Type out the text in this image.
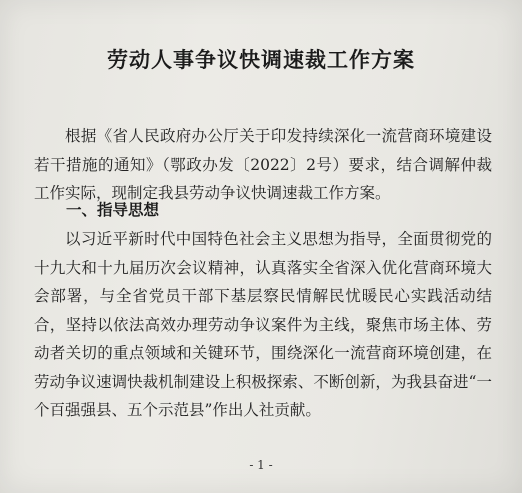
劳动人事争议快调速裁工作方案
根据《省人民政府办公厅关于印发持续深化一流营商环境建设若干措施的通知》（鄂政办发〔2022〕2号）要求，结合调解仲裁工作实际，现制定我县劳动争议快调速裁工作方案。
一、指导思想
以习近平新时代中国特色社会主义思想为指导，全面贯彻党的十九大和十九届历次会议精神，认真落实全省深入优化营商环境大会部署，与全省党员干部下基层察民情解民忧暖民心实践活动结合，坚持以依法高效办理劳动争议案件为主线，聚焦市场主体、劳动者关切的重点领域和关键环节，围绕深化一流营商环境创建，在劳动争议速调快裁机制建设上积极探索、不断创新，为我县奋进“一个百强强县、五个示范县”作出人社贡献。
- 1 -
